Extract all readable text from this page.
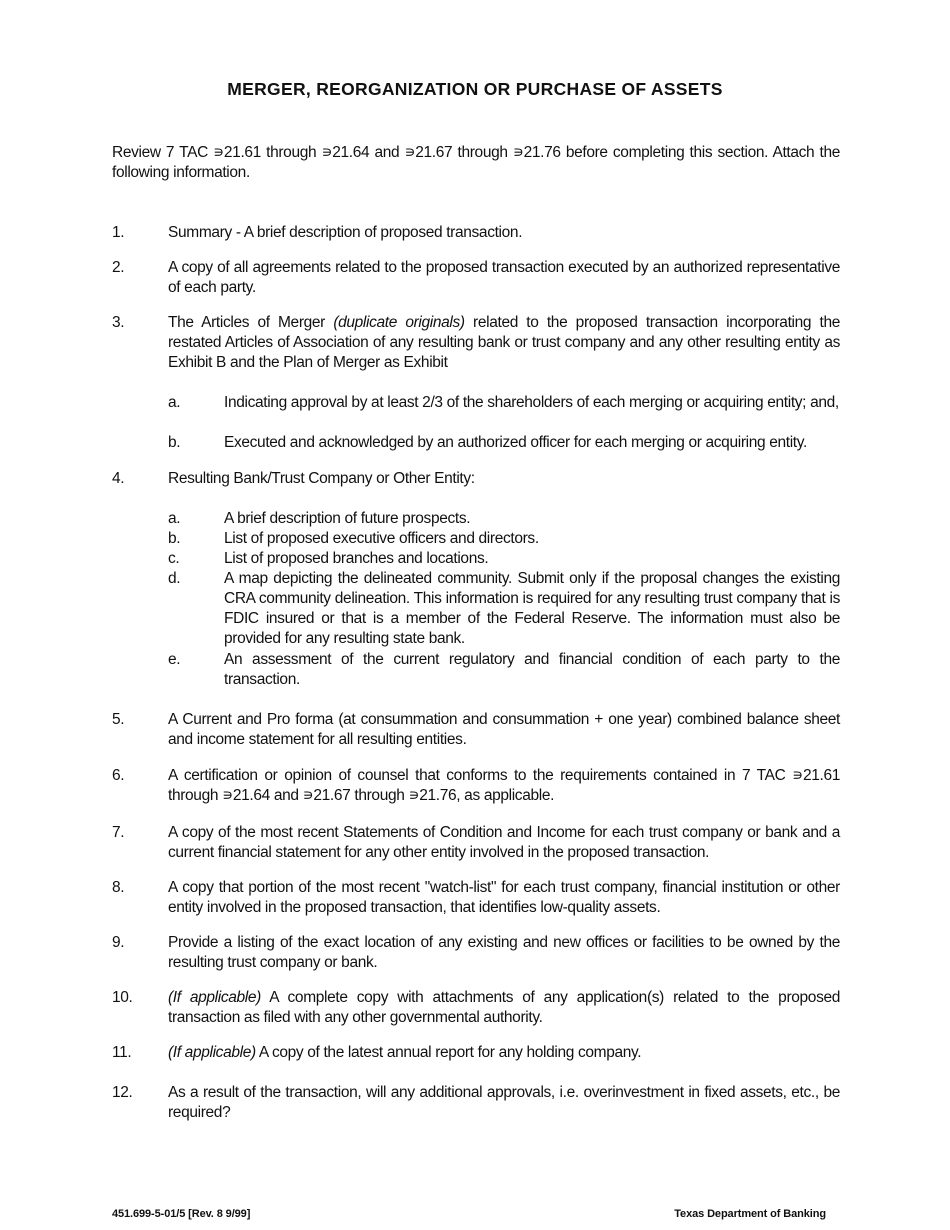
MERGER, REORGANIZATION OR PURCHASE OF ASSETS
Review 7 TAC ∍21.61 through ∍21.64 and ∍21.67 through ∍21.76 before completing this section. Attach the following information.
1.	Summary - A brief description of proposed transaction.
2.	A copy of all agreements related to the proposed transaction executed by an authorized representative of each party.
3.	The Articles of Merger (duplicate originals) related to the proposed transaction incorporating the restated Articles of Association of any resulting bank or trust company and any other resulting entity as Exhibit B and the Plan of Merger as Exhibit
a.	Indicating approval by at least 2/3 of the shareholders of each merging or acquiring entity; and,
b.	Executed and acknowledged by an authorized officer for each merging or acquiring entity.
4.	Resulting Bank/Trust Company or Other Entity:
a.	A brief description of future prospects.
b.	List of proposed executive officers and directors.
c.	List of proposed branches and locations.
d.	A map depicting the delineated community. Submit only if the proposal changes the existing CRA community delineation. This information is required for any resulting trust company that is FDIC insured or that is a member of the Federal Reserve. The information must also be provided for any resulting state bank.
e.	An assessment of the current regulatory and financial condition of each party to the transaction.
5.	A Current and Pro forma (at consummation and consummation + one year) combined balance sheet and income statement for all resulting entities.
6.	A certification or opinion of counsel that conforms to the requirements contained in 7 TAC ∍21.61 through ∍21.64 and ∍21.67 through ∍21.76, as applicable.
7.	A copy of the most recent Statements of Condition and Income for each trust company or bank and a current financial statement for any other entity involved in the proposed transaction.
8.	A copy that portion of the most recent "watch-list" for each trust company, financial institution or other entity involved in the proposed transaction, that identifies low-quality assets.
9.	Provide a listing of the exact location of any existing and new offices or facilities to be owned by the resulting trust company or bank.
10. (If applicable) A complete copy with attachments of any application(s) related to the proposed transaction as filed with any other governmental authority.
11. (If applicable) A copy of the latest annual report for any holding company.
12. As a result of the transaction, will any additional approvals, i.e. overinvestment in fixed assets, etc., be required?
451.699-5-01/5 [Rev. 8 9/99]	Texas Department of Banking
